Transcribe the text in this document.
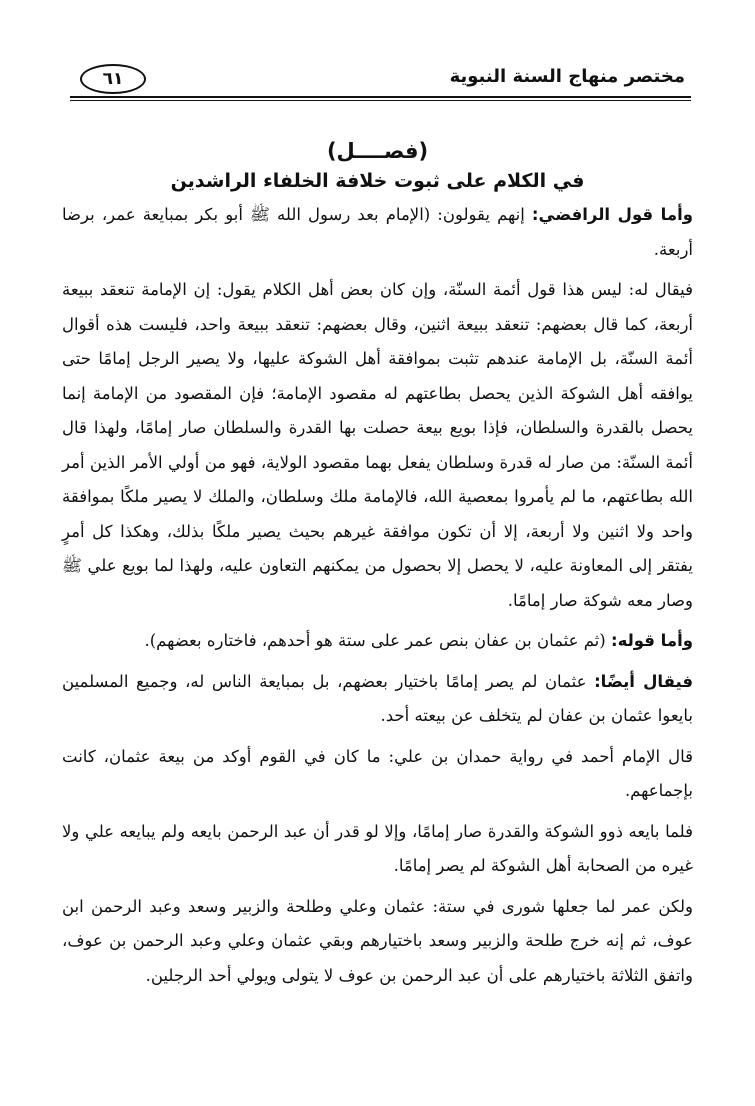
مختصر منهاج السنة النبوية
٦١
(فصــــل)
في الكلام على ثبوت خلافة الخلفاء الراشدين

وأما قول الرافضي: إنهم يقولون: (الإمام بعد رسول الله ﷺ أبو بكر بمبايعة عمر، برضا أربعة.

فيقال له: ليس هذا قول أئمة السنّة، وإن كان بعض أهل الكلام يقول: إن الإمامة تنعقد ببيعة أربعة، كما قال بعضهم: تنعقد ببيعة اثنين، وقال بعضهم: تنعقد ببيعة واحد، فليست هذه أقوال أئمة السنّة، بل الإمامة عندهم تثبت بموافقة أهل الشوكة عليها، ولا يصير الرجل إمامًا حتى يوافقه أهل الشوكة الذين يحصل بطاعتهم له مقصود الإمامة؛ فإن المقصود من الإمامة إنما يحصل بالقدرة والسلطان، فإذا بويع بيعة حصلت بها القدرة والسلطان صار إمامًا، ولهذا قال أئمة السنّة: من صار له قدرة وسلطان يفعل بهما مقصود الولاية، فهو من أولي الأمر الذين أمر الله بطاعتهم، ما لم يأمروا بمعصية الله، فالإمامة ملك وسلطان، والملك لا يصير ملكًا بموافقة واحد ولا اثنين ولا أربعة، إلا أن تكون موافقة غيرهم بحيث يصير ملكًا بذلك، وهكذا كل أمرٍ يفتقر إلى المعاونة عليه، لا يحصل إلا بحصول من يمكنهم التعاون عليه، ولهذا لما بويع علي ﷺ وصار معه شوكة صار إمامًا.

وأما قوله: (ثم عثمان بن عفان بنص عمر على ستة هو أحدهم، فاختاره بعضهم).

فيقال أيضًا: عثمان لم يصر إمامًا باختيار بعضهم، بل بمبايعة الناس له، وجميع المسلمين بايعوا عثمان بن عفان لم يتخلف عن بيعته أحد.

قال الإمام أحمد في رواية حمدان بن علي: ما كان في القوم أوكد من بيعة عثمان، كانت بإجماعهم.

فلما بايعه ذوو الشوكة والقدرة صار إمامًا، وإلا لو قدر أن عبد الرحمن بايعه ولم يبايعه علي ولا غيره من الصحابة أهل الشوكة لم يصر إمامًا.

ولكن عمر لما جعلها شورى في ستة: عثمان وعلي وطلحة والزبير وسعد وعبد الرحمن ابن عوف، ثم إنه خرج طلحة والزبير وسعد باختيارهم وبقي عثمان وعلي وعبد الرحمن بن عوف، واتفق الثلاثة باختيارهم على أن عبد الرحمن بن عوف لا يتولى ويولي أحد الرجلين.
